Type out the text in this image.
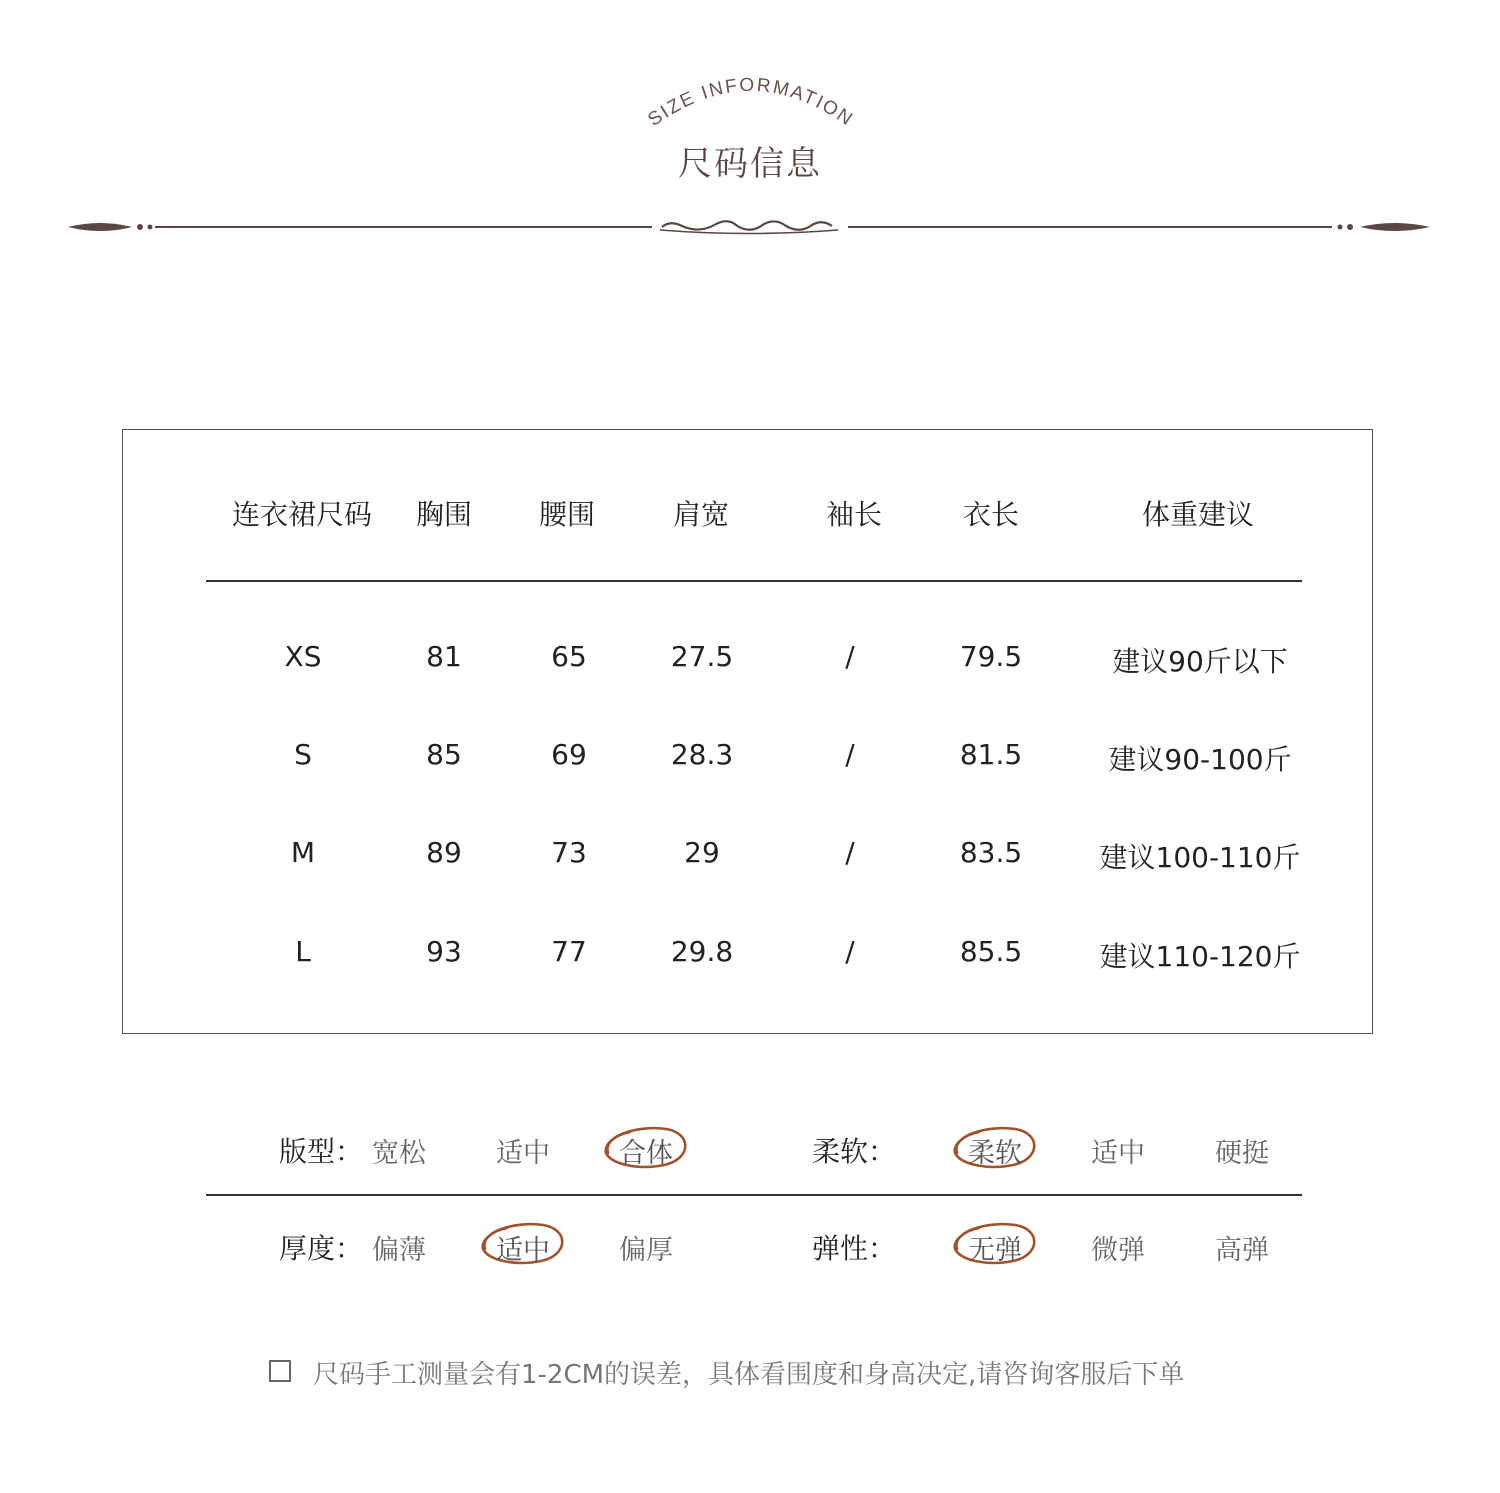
SIZE INFORMATION
尺码信息
连衣裙尺码 胸围 腰围	肩宽	袖长	衣长	体重建议
XS	81	65	27.5	/	79.5	建议90斤以下
S	85	69	28.3	/	81.5	建议90-100斤
M	89	73	29	/	83.5	建议100-110斤
L	93	77	29.8	/	85.5	建议110-120斤
版型： 宽松	适中	合体	柔软：	柔软	适中	硬挺
厚度： 偏薄	适中	偏厚	弹性：	无弹	微弹	高弹
尺码手工测量会有1-2CM的误差，具体看围度和身高决定,请咨询客服后下单
